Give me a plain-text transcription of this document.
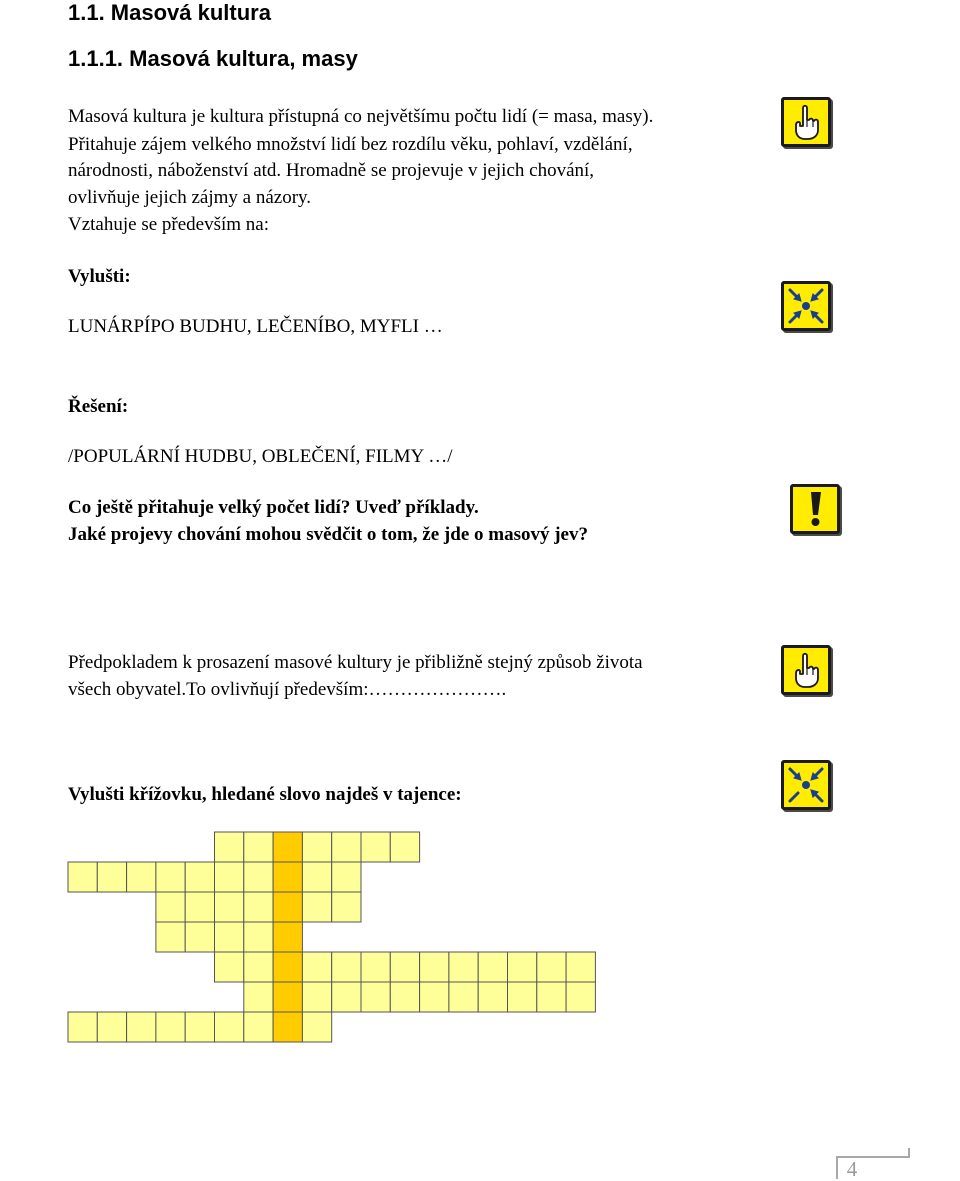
1.1. Masová kultura
1.1.1. Masová kultura, masy
Masová kultura je kultura přístupná co největšímu počtu lidí (= masa, masy).
Přitahuje zájem velkého množství lidí bez rozdílu věku, pohlaví, vzdělání,
národnosti, náboženství atd. Hromadně se projevuje v jejich chování,
ovlivňuje jejich zájmy a názory.
Vztahuje se především na:
Vylušti:
LUNÁRPÍPO BUDHU, LEČENÍBO, MYFLI …
Řešení:
/POPULÁRNÍ HUDBU, OBLEČENÍ, FILMY …/
Co ještě přitahuje velký počet lidí? Uveď příklady.
Jaké projevy chování mohou svědčit o tom, že jde o masový jev?
Předpokladem k prosazení masové kultury je přibližně stejný způsob života
všech obyvatel.To ovlivňují především:………………….
Vylušti křížovku, hledané slovo najdeš v tajence:
4
